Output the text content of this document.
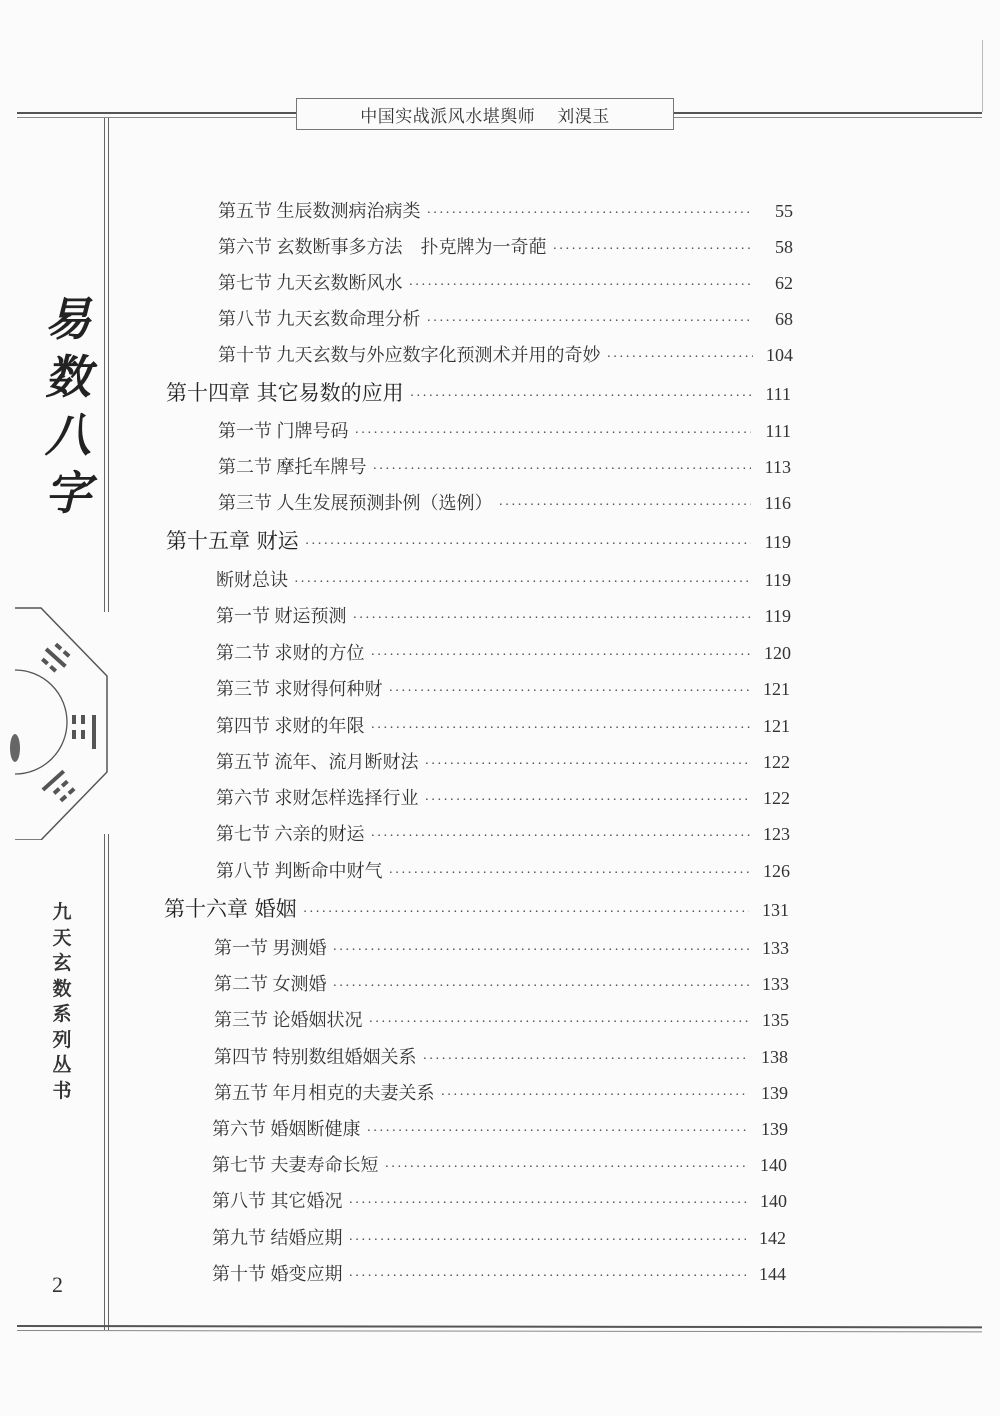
中国实战派风水堪舆师 刘湨玉
易
数
八
字
九
天
玄
数
系
列
丛
书
2
第五节 生辰数测病治病类 ·····	55
第六节 玄数断事多方法　扑克牌为一奇葩 ·····	58
第七节 九天玄数断风水 ·····	62
第八节 九天玄数命理分析 ·····	68
第十节 九天玄数与外应数字化预测术并用的奇妙 ·····	104
第十四章 其它易数的应用 ·····	111
第一节 门牌号码 ·····	111
第二节 摩托车牌号 ·····	113
第三节 人生发展预测卦例（选例） ·····	116
第十五章 财运 ·····	119
断财总诀 ·····	119
第一节 财运预测 ·····	119
第二节 求财的方位 ·····	120
第三节 求财得何种财 ·····	121
第四节 求财的年限 ·····	121
第五节 流年、流月断财法 ·····	122
第六节 求财怎样选择行业 ·····	122
第七节 六亲的财运 ·····	123
第八节 判断命中财气 ·····	126
第十六章 婚姻 ·····	131
第一节 男测婚 ·····	133
第二节 女测婚 ·····	133
第三节 论婚姻状况 ·····	135
第四节 特别数组婚姻关系 ·····	138
第五节 年月相克的夫妻关系 ·····	139
第六节 婚姻断健康 ·····	139
第七节 夫妻寿命长短 ·····	140
第八节 其它婚况 ·····	140
第九节 结婚应期 ·····	142
第十节 婚变应期 ·····	144
